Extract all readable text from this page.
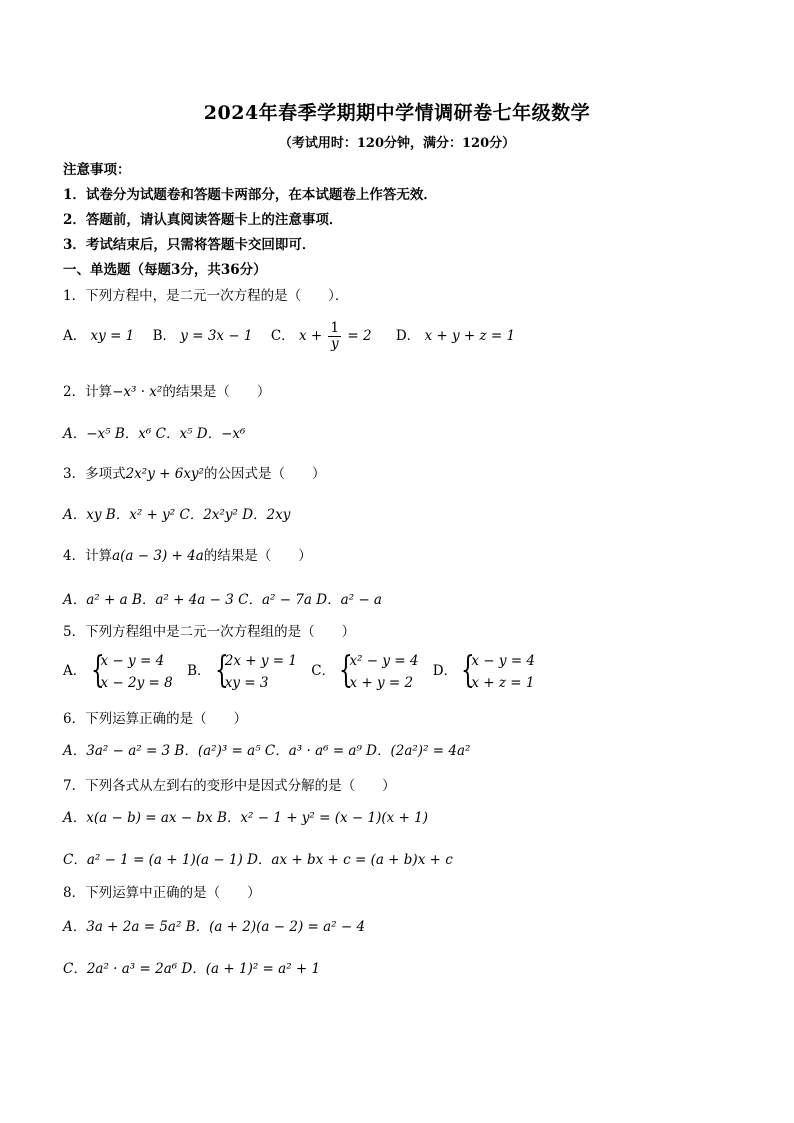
2024年春季学期期中学情调研卷七年级数学
（考试用时：120分钟，满分：120分）
注意事项：
1．试卷分为试题卷和答题卡两部分，在本试题卷上作答无效．
2．答题前，请认真阅读答题卡上的注意事项．
3．考试结束后，只需将答题卡交回即可．
一、单选题（每题3分，共36分）
1．下列方程中，是二元一次方程的是（　　）．
A． xy = 1 B． y = 3x − 1 C． $x + \frac{1}{y} = 2$ D． x + y + z = 1
2．计算−x³ · x²的结果是（　　）
A．−x⁵ B．x⁶ C．x⁵ D．−x⁶
3．多项式2x²y + 6xy²的公因式是（　　）
A．xy B．x² + y² C．2x²y² D．2xy
4．计算a(a − 3) + 4a的结果是（　　）
A．a² + a B．a² + 4a − 3 C．a² − 7a D．a² − a
5．下列方程组中是二元一次方程组的是（　　）
A． {
x − y = 4
x − 2y = 8
B． {
2x + y = 1
xy = 3
C． {
x² − y = 4
x + y = 2
D． {
x − y = 4
x + z = 1
6．下列运算正确的是（　　）
A．3a² − a² = 3 B．(a²)³ = a⁵ C．a³ · a⁶ = a⁹ D．(2a²)² = 4a²
7．下列各式从左到右的变形中是因式分解的是（　　）
A．x(a − b) = ax − bx B．x² − 1 + y² = (x − 1)(x + 1)
C．a² − 1 = (a + 1)(a − 1) D．ax + bx + c = (a + b)x + c
8．下列运算中正确的是（　　）
A．3a + 2a = 5a² B．(a + 2)(a − 2) = a² − 4
C．2a² · a³ = 2a⁶ D．(a + 1)² = a² + 1
